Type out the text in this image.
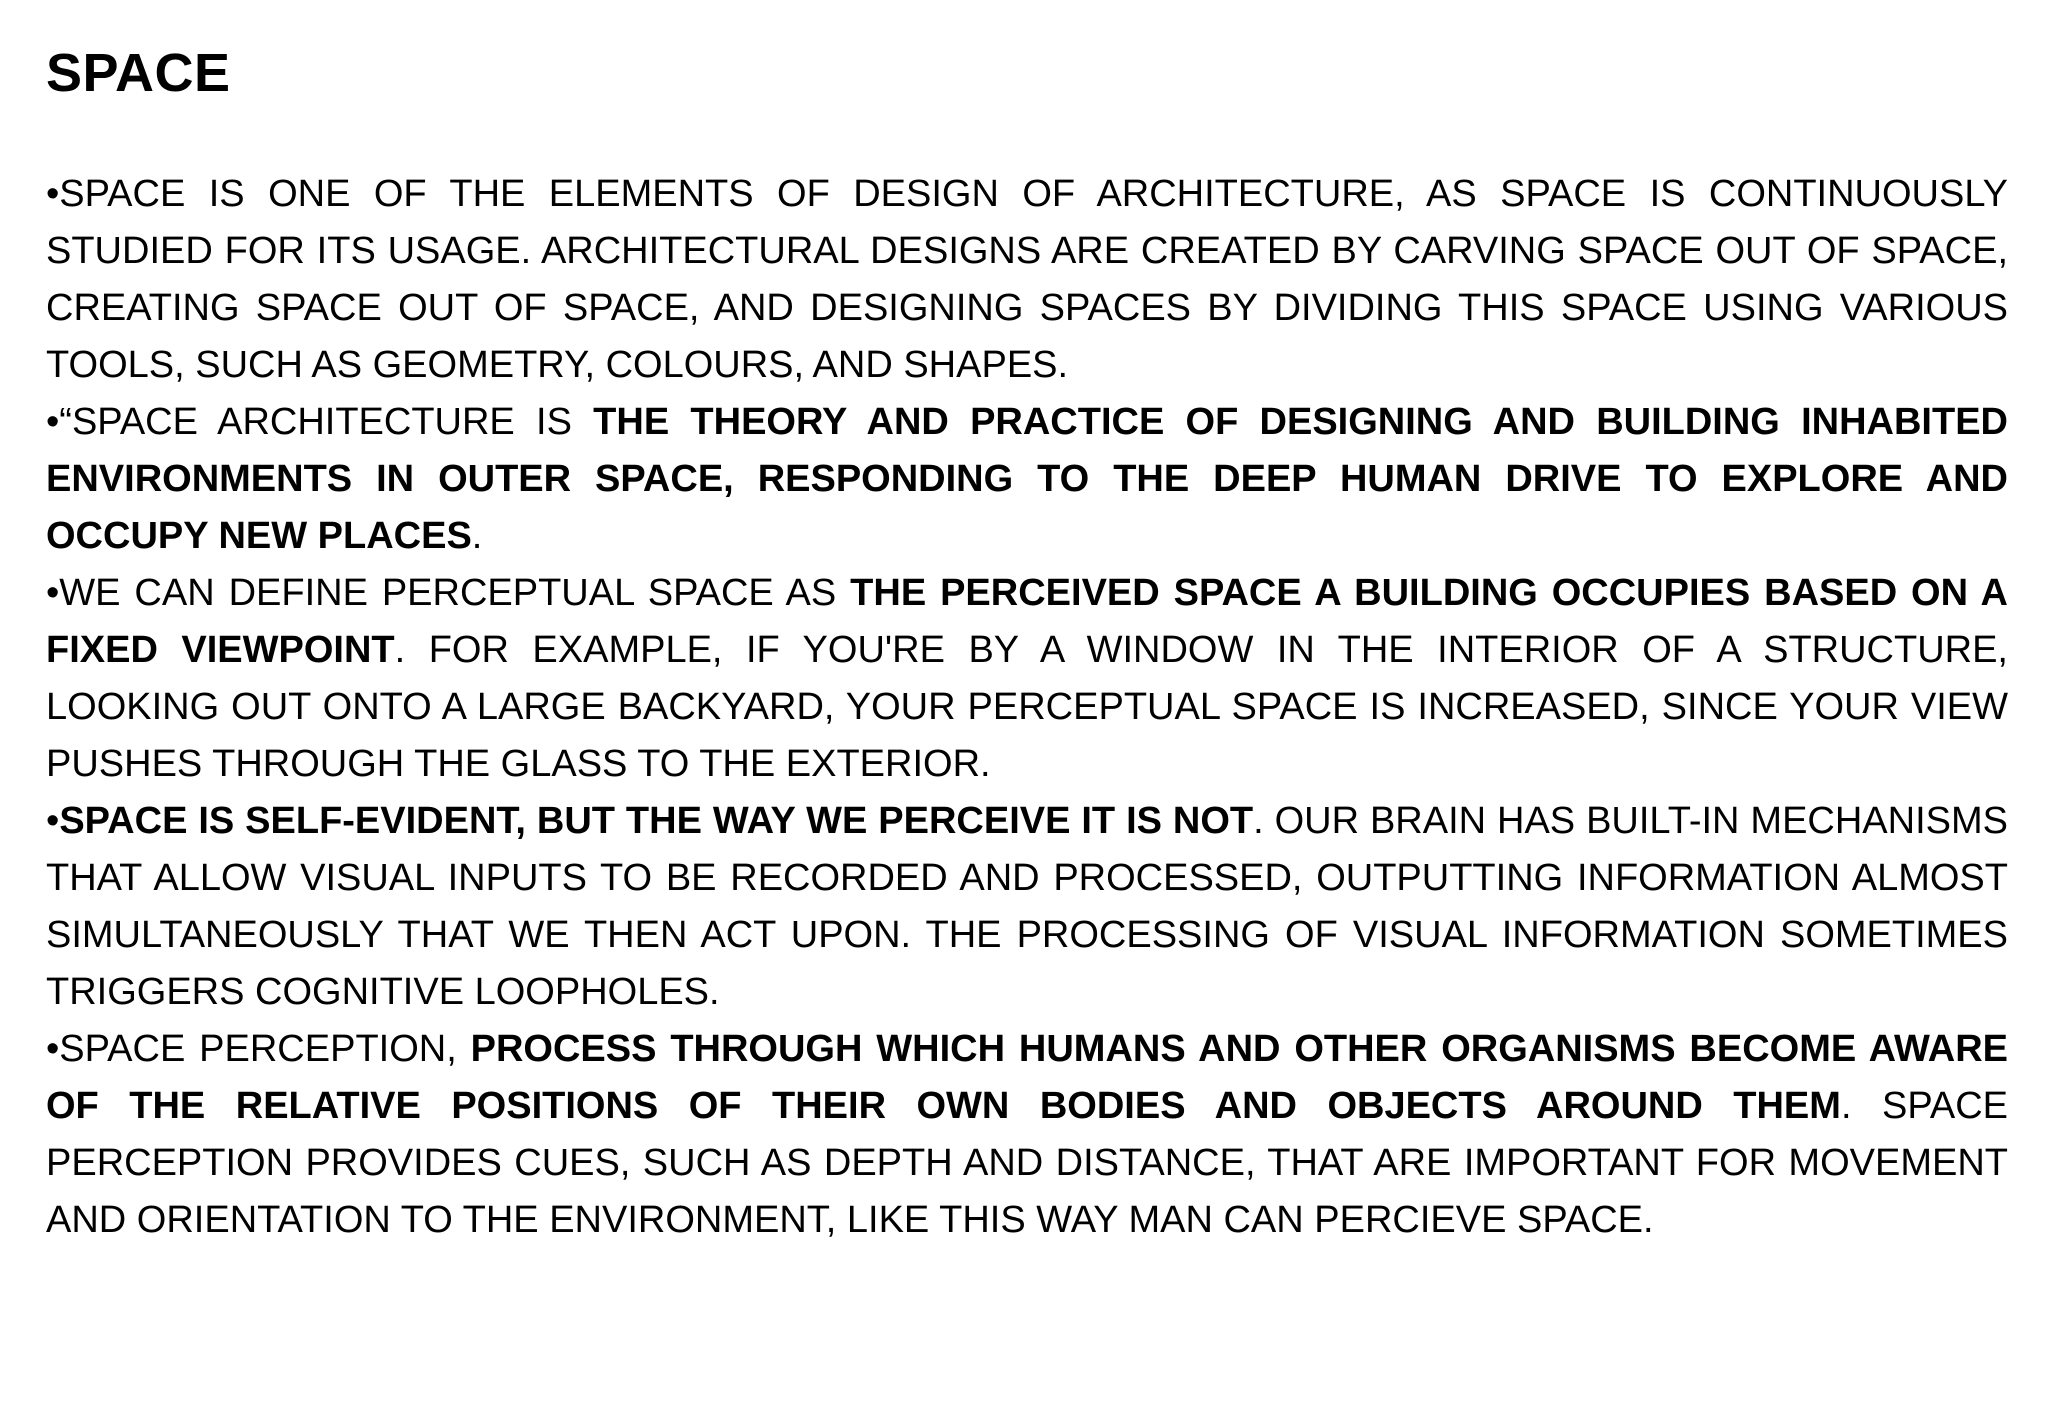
SPACE

•SPACE IS ONE OF THE ELEMENTS OF DESIGN OF ARCHITECTURE, AS SPACE IS CONTINUOUSLY STUDIED FOR ITS USAGE. ARCHITECTURAL DESIGNS ARE CREATED BY CARVING SPACE OUT OF SPACE, CREATING SPACE OUT OF SPACE, AND DESIGNING SPACES BY DIVIDING THIS SPACE USING VARIOUS TOOLS, SUCH AS GEOMETRY, COLOURS, AND SHAPES.

•“SPACE ARCHITECTURE IS THE THEORY AND PRACTICE OF DESIGNING AND BUILDING INHABITED ENVIRONMENTS IN OUTER SPACE, RESPONDING TO THE DEEP HUMAN DRIVE TO EXPLORE AND OCCUPY NEW PLACES.

•WE CAN DEFINE PERCEPTUAL SPACE AS THE PERCEIVED SPACE A BUILDING OCCUPIES BASED ON A FIXED VIEWPOINT. FOR EXAMPLE, IF YOU'RE BY A WINDOW IN THE INTERIOR OF A STRUCTURE, LOOKING OUT ONTO A LARGE BACKYARD, YOUR PERCEPTUAL SPACE IS INCREASED, SINCE YOUR VIEW PUSHES THROUGH THE GLASS TO THE EXTERIOR.

•SPACE IS SELF-EVIDENT, BUT THE WAY WE PERCEIVE IT IS NOT. OUR BRAIN HAS BUILT-IN MECHANISMS THAT ALLOW VISUAL INPUTS TO BE RECORDED AND PROCESSED, OUTPUTTING INFORMATION ALMOST SIMULTANEOUSLY THAT WE THEN ACT UPON. THE PROCESSING OF VISUAL INFORMATION SOMETIMES TRIGGERS COGNITIVE LOOPHOLES.

•SPACE PERCEPTION, PROCESS THROUGH WHICH HUMANS AND OTHER ORGANISMS BECOME AWARE OF THE RELATIVE POSITIONS OF THEIR OWN BODIES AND OBJECTS AROUND THEM. SPACE PERCEPTION PROVIDES CUES, SUCH AS DEPTH AND DISTANCE, THAT ARE IMPORTANT FOR MOVEMENT AND ORIENTATION TO THE ENVIRONMENT, LIKE THIS WAY MAN CAN PERCIEVE SPACE.
